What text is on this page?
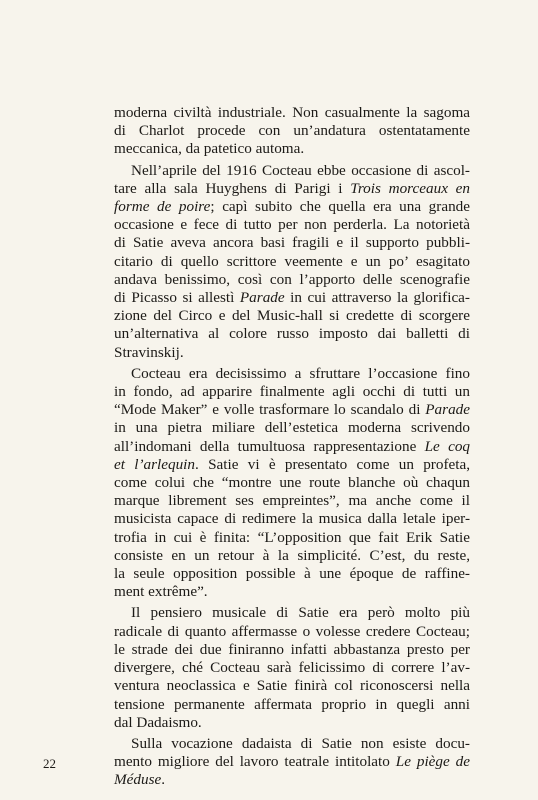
moderna civiltà industriale. Non casualmente la sagoma
di Charlot procede con un’andatura ostentatamente
meccanica, da patetico automa.
Nell’aprile del 1916 Cocteau ebbe occasione di ascol-
tare alla sala Huyghens di Parigi i Trois morceaux en
forme de poire; capì subito che quella era una grande
occasione e fece di tutto per non perderla. La notorietà
di Satie aveva ancora basi fragili e il supporto pubbli-
citario di quello scrittore veemente e un po’ esagitato
andava benissimo, così con l’apporto delle scenografie
di Picasso si allestì Parade in cui attraverso la glorifica-
zione del Circo e del Music-hall si credette di scorgere
un’alternativa al colore russo imposto dai balletti di
Stravinskij.
Cocteau era decisissimo a sfruttare l’occasione fino
in fondo, ad apparire finalmente agli occhi di tutti un
“Mode Maker” e volle trasformare lo scandalo di Parade
in una pietra miliare dell’estetica moderna scrivendo
all’indomani della tumultuosa rappresentazione Le coq
et l’arlequin. Satie vi è presentato come un profeta,
come colui che “montre une route blanche où chaqun
marque librement ses empreintes”, ma anche come il
musicista capace di redimere la musica dalla letale iper-
trofia in cui è finita: “L’opposition que fait Erik Satie
consiste en un retour à la simplicité. C’est, du reste,
la seule opposition possible à une époque de raffine-
ment extrême”.
Il pensiero musicale di Satie era però molto più
radicale di quanto affermasse o volesse credere Cocteau;
le strade dei due finiranno infatti abbastanza presto per
divergere, ché Cocteau sarà felicissimo di correre l’av-
ventura neoclassica e Satie finirà col riconoscersi nella
tensione permanente affermata proprio in quegli anni
dal Dadaismo.
Sulla vocazione dadaista di Satie non esiste docu-
mento migliore del lavoro teatrale intitolato Le piège de
Méduse.
22
